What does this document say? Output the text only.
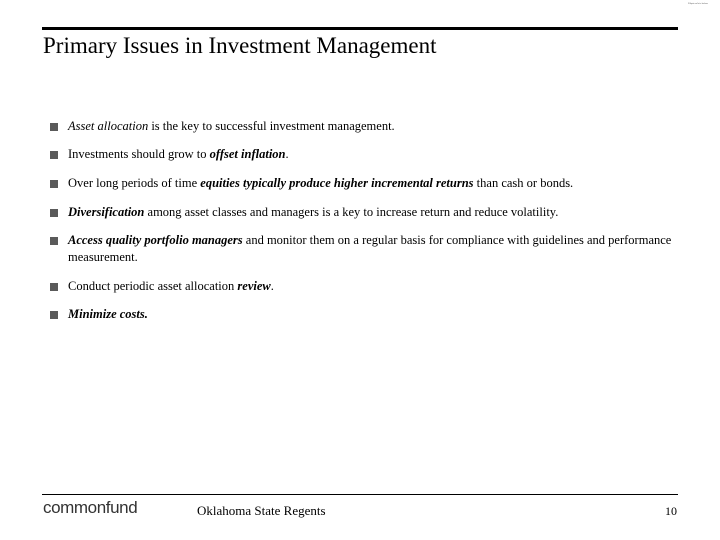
Ellipsis cm Info Anchors
Primary Issues in Investment Management
Asset allocation is the key to successful investment management.
Investments should grow to offset inflation.
Over long periods of time equities typically produce higher incremental returns than cash or bonds.
Diversification among asset classes and managers is a key to increase return and reduce volatility.
Access quality portfolio managers and monitor them on a regular basis for compliance with guidelines and performance measurement.
Conduct periodic asset allocation review.
Minimize costs.
commonfund	Oklahoma State Regents	10
